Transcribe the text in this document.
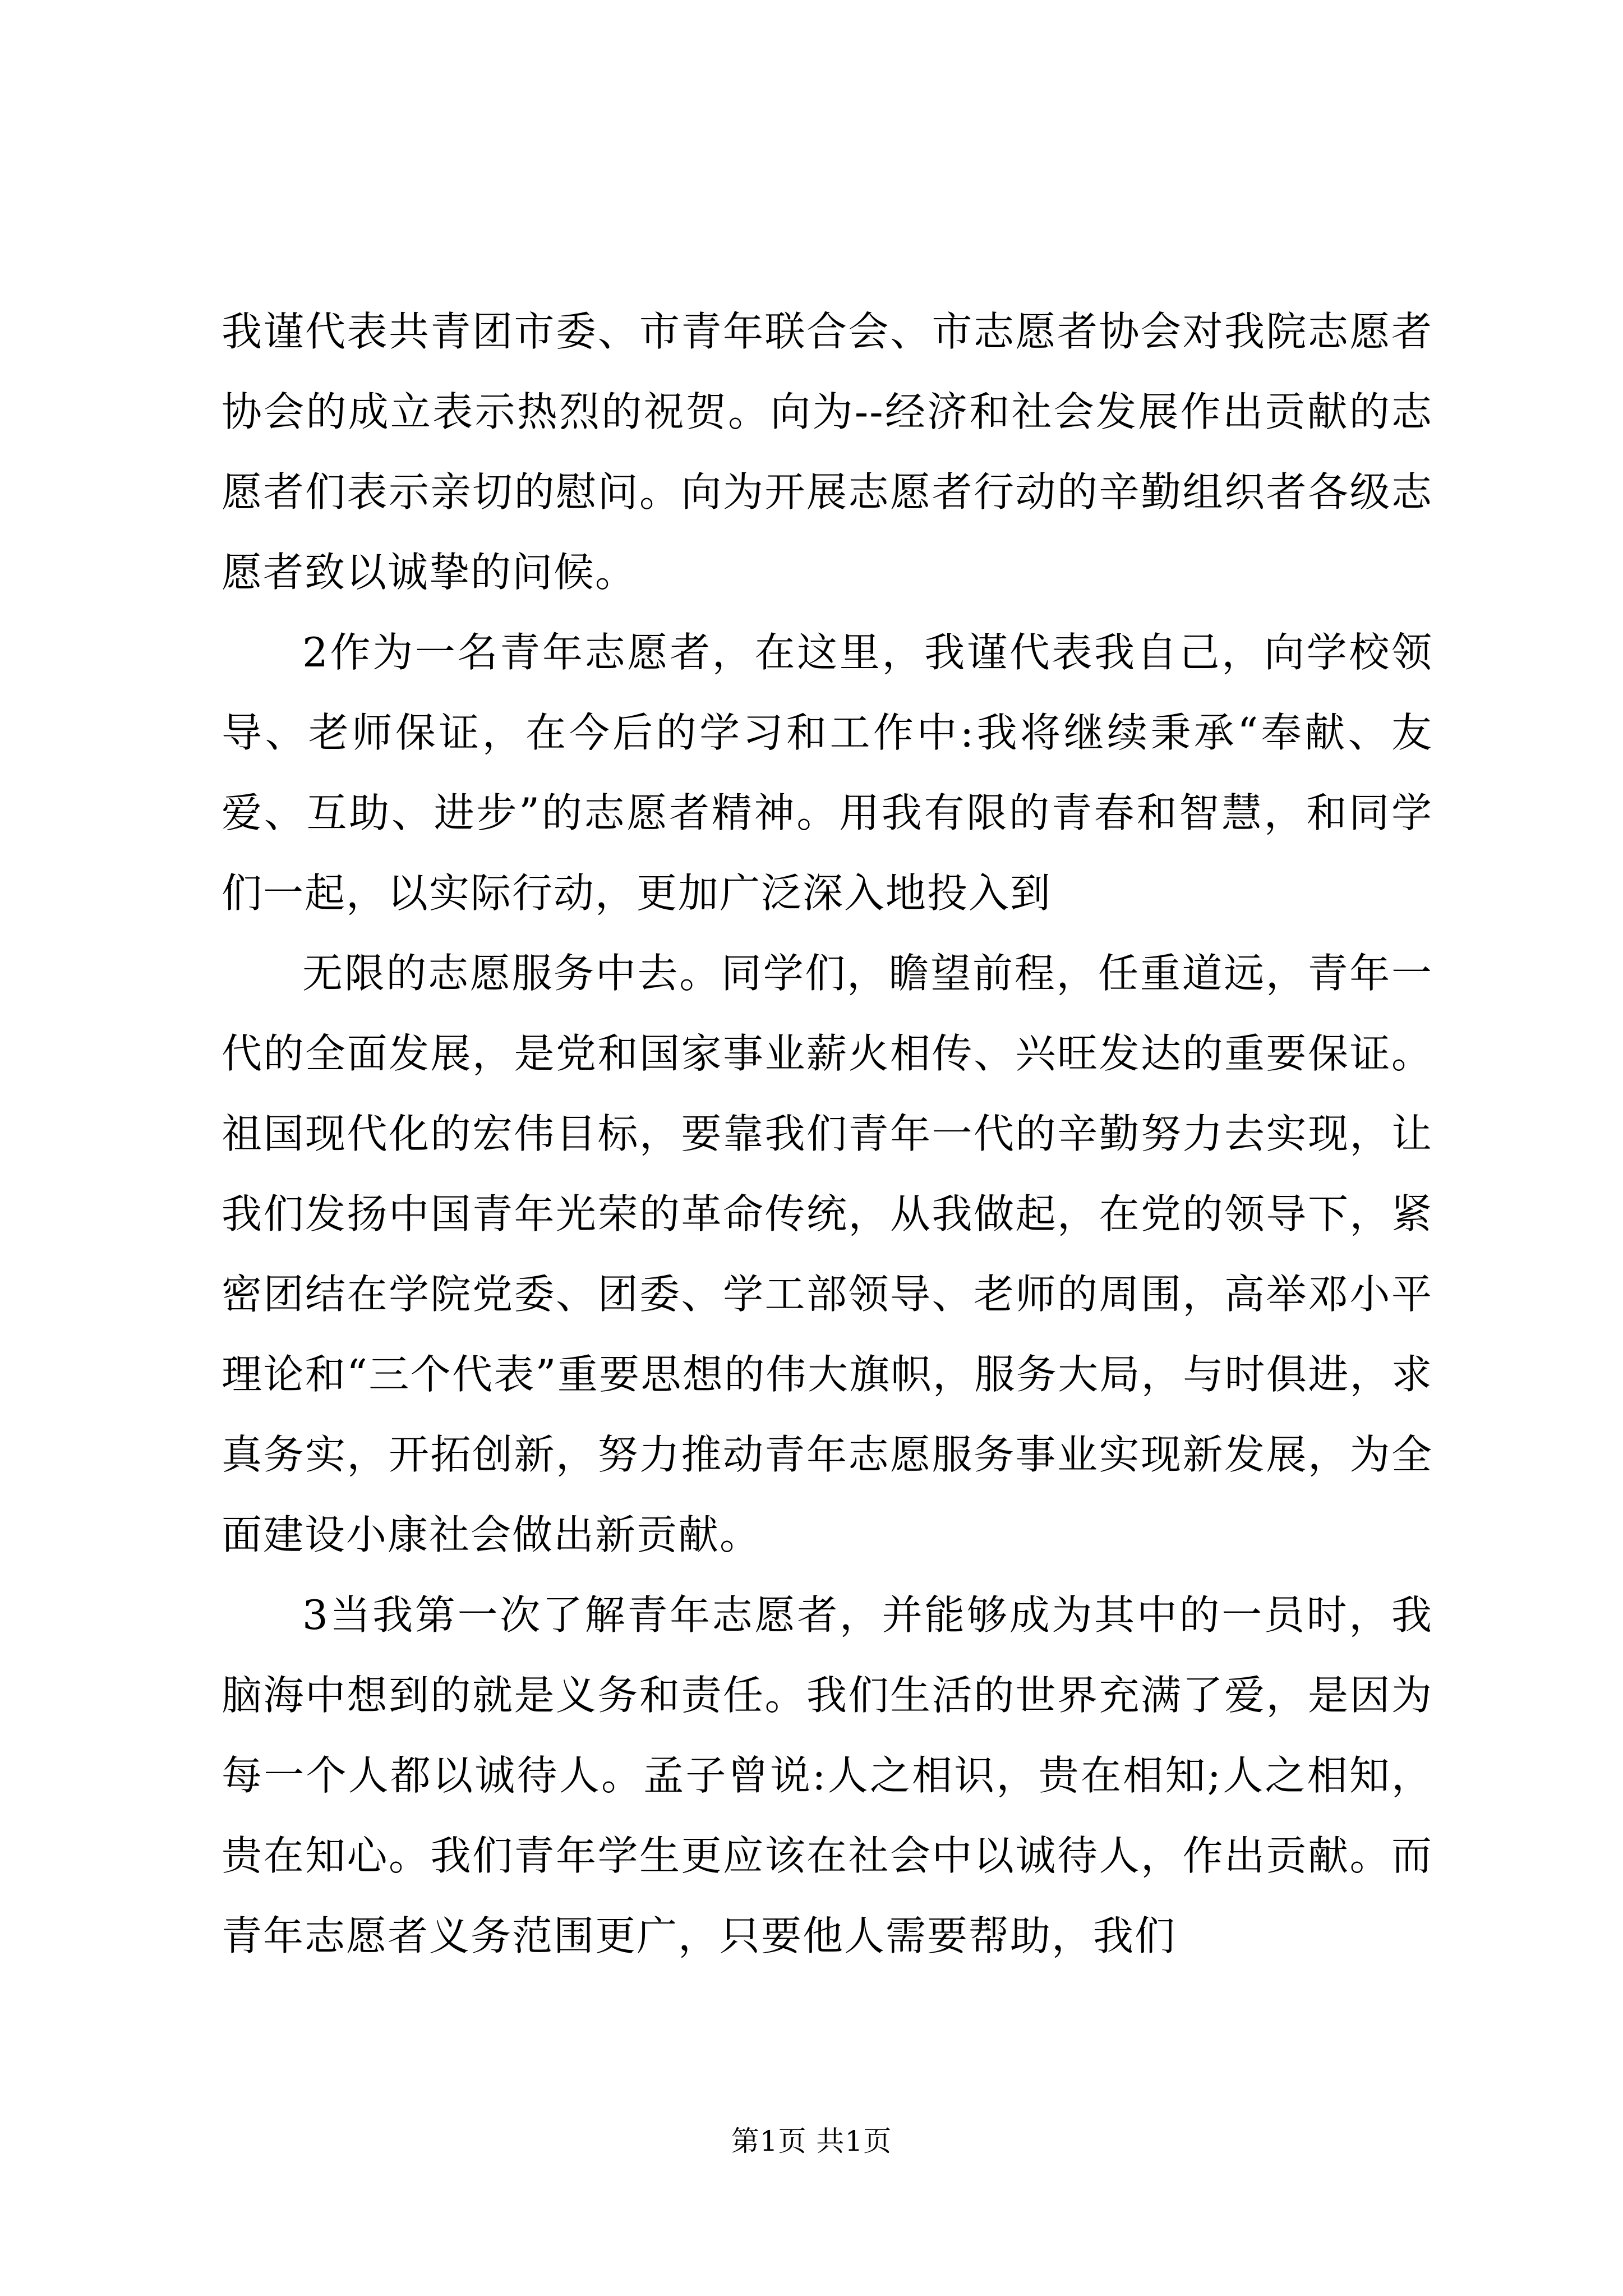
我谨代表共青团市委、市青年联合会、市志愿者协会对我院志愿者协会的成立表示热烈的祝贺。向为--经济和社会发展作出贡献的志愿者们表示亲切的慰问。向为开展志愿者行动的辛勤组织者各级志愿者致以诚挚的问候。

2作为一名青年志愿者，在这里，我谨代表我自己，向学校领导、老师保证，在今后的学习和工作中:我将继续秉承“奉献、友爱、互助、进步”的志愿者精神。用我有限的青春和智慧，和同学们一起，以实际行动，更加广泛深入地投入到

无限的志愿服务中去。同学们，瞻望前程，任重道远，青年一代的全面发展，是党和国家事业薪火相传、兴旺发达的重要保证。祖国现代化的宏伟目标，要靠我们青年一代的辛勤努力去实现，让我们发扬中国青年光荣的革命传统，从我做起，在党的领导下，紧密团结在学院党委、团委、学工部领导、老师的周围，高举邓小平理论和“三个代表”重要思想的伟大旗帜，服务大局，与时俱进，求真务实，开拓创新，努力推动青年志愿服务事业实现新发展，为全面建设小康社会做出新贡献。

3当我第一次了解青年志愿者，并能够成为其中的一员时，我脑海中想到的就是义务和责任。我们生活的世界充满了爱，是因为每一个人都以诚待人。孟子曾说:人之相识，贵在相知;人之相知，贵在知心。我们青年学生更应该在社会中以诚待人，作出贡献。而青年志愿者义务范围更广，只要他人需要帮助，我们

第1页 共1页
